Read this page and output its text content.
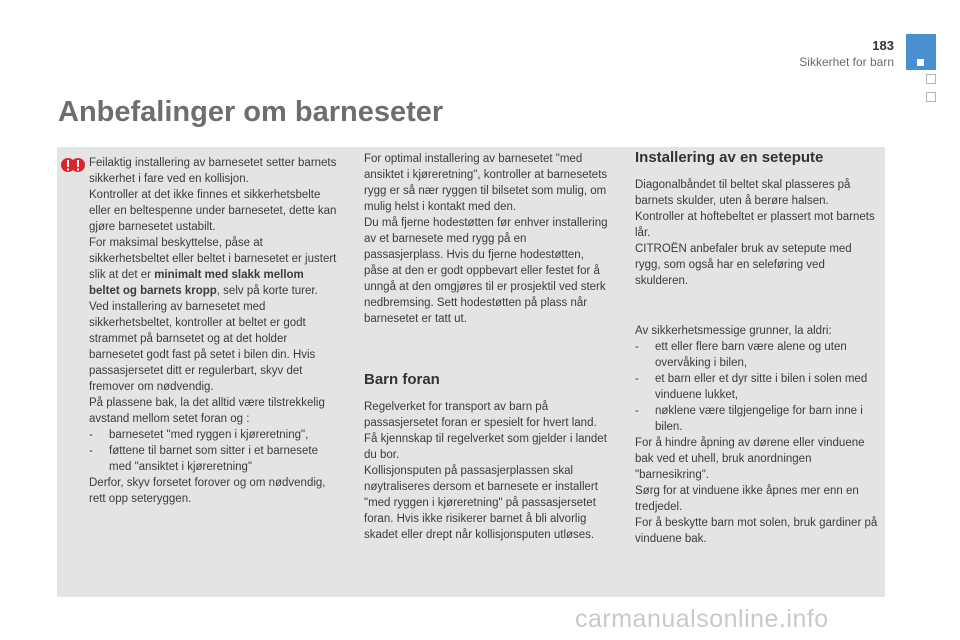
183
Sikkerhet for barn
Anbefalinger om barneseter

Feilaktig installering av barnesetet setter barnets sikkerhet i fare ved en kollisjon.

Kontroller at det ikke finnes et sikkerhetsbelte eller en beltespenne under barnesetet, dette kan gjøre barnesetet ustabilt.

For maksimal beskyttelse, påse at sikkerhetsbeltet eller beltet i barnesetet er justert slik at det er minimalt med slakk mellom beltet og barnets kropp, selv på korte turer.

Ved installering av barnesetet med sikkerhetsbeltet, kontroller at beltet er godt strammet på barnsetet og at det holder barnesetet godt fast på setet i bilen din. Hvis passasjersetet ditt er regulerbart, skyv det fremover om nødvendig.

På plassene bak, la det alltid være tilstrekkelig avstand mellom setet foran og :

- barnesetet "med ryggen i kjøreretning",
- føttene til barnet som sitter i et barnesete med "ansiktet i kjøreretning"

Derfor, skyv forsetet forover og om nødvendig, rett opp seteryggen.

For optimal installering av barnesetet "med ansiktet i kjøreretning", kontroller at barnesetets rygg er så nær ryggen til bilsetet som mulig, om mulig helst i kontakt med den.

Du må fjerne hodestøtten før enhver installering av et barnesete med rygg på en passasjerplass. Hvis du fjerne hodestøtten, påse at den er godt oppbevart eller festet for å unngå at den omgjøres til er prosjektil ved sterk nedbremsing. Sett hodestøtten på plass når barnesetet er tatt ut.

Barn foran

Regelverket for transport av barn på passasjersetet foran er spesielt for hvert land.

Få kjennskap til regelverket som gjelder i landet du bor.

Kollisjonsputen på passasjerplassen skal nøytraliseres dersom et barnesete er installert "med ryggen i kjøreretning" på passasjersetet foran. Hvis ikke risikerer barnet å bli alvorlig skadet eller drept når kollisjonsputen utløses.

Installering av en setepute

Diagonalbåndet til beltet skal plasseres på barnets skulder, uten å berøre halsen.

Kontroller at hoftebeltet er plassert mot barnets lår.

CITROËN anbefaler bruk av setepute med rygg, som også har en seleføring ved skulderen.

Av sikkerhetsmessige grunner, la aldri:

- ett eller flere barn være alene og uten overvåking i bilen,
- et barn eller et dyr sitte i bilen i solen med vinduene lukket,
- nøklene være tilgjengelige for barn inne i bilen.

For å hindre åpning av dørene eller vinduene bak ved et uhell, bruk anordningen "barnesikring".

Sørg for at vinduene ikke åpnes mer enn en tredjedel.

For å beskytte barn mot solen, bruk gardiner på vinduene bak.

carmanualsonline.info
